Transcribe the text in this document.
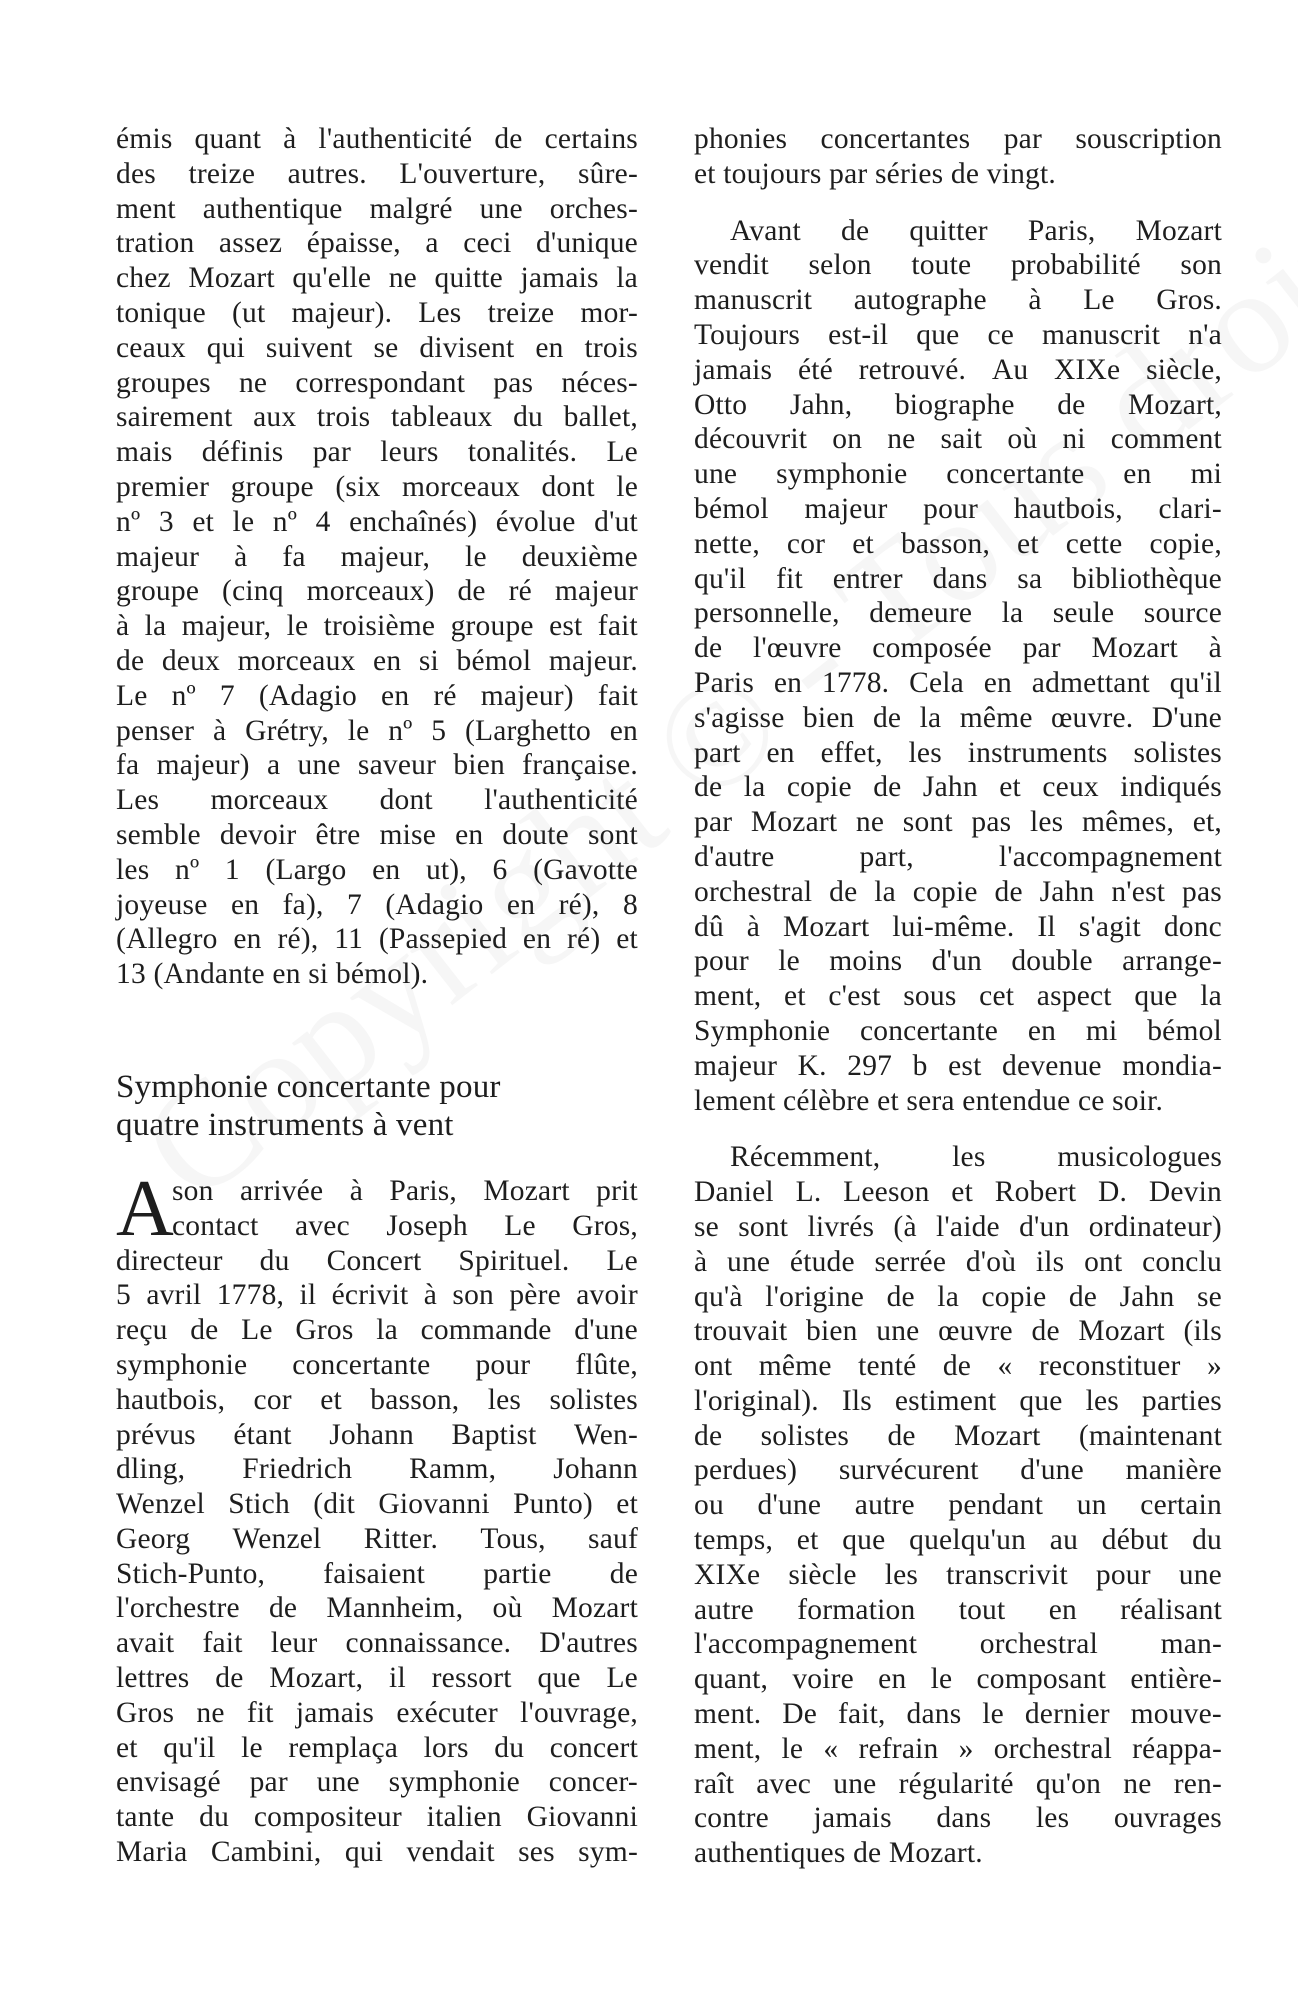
émis quant à l'authenticité de certains
des treize autres. L'ouverture, sûre-
ment authentique malgré une orches-
tration assez épaisse, a ceci d'unique
chez Mozart qu'elle ne quitte jamais la
tonique (ut majeur). Les treize mor-
ceaux qui suivent se divisent en trois
groupes ne correspondant pas néces-
sairement aux trois tableaux du ballet,
mais définis par leurs tonalités. Le
premier groupe (six morceaux dont le
nº 3 et le nº 4 enchaînés) évolue d'ut
majeur à fa majeur, le deuxième
groupe (cinq morceaux) de ré majeur
à la majeur, le troisième groupe est fait
de deux morceaux en si bémol majeur.
Le nº 7 (Adagio en ré majeur) fait
penser à Grétry, le nº 5 (Larghetto en
fa majeur) a une saveur bien française.
Les morceaux dont l'authenticité
semble devoir être mise en doute sont
les nº 1 (Largo en ut), 6 (Gavotte
joyeuse en fa), 7 (Adagio en ré), 8
(Allegro en ré), 11 (Passepied en ré) et
13 (Andante en si bémol).
Symphonie concertante pour
quatre instruments à vent
A
son arrivée à Paris, Mozart prit
contact avec Joseph Le Gros,
directeur du Concert Spirituel. Le
5 avril 1778, il écrivit à son père avoir
reçu de Le Gros la commande d'une
symphonie concertante pour flûte,
hautbois, cor et basson, les solistes
prévus étant Johann Baptist Wen-
dling, Friedrich Ramm, Johann
Wenzel Stich (dit Giovanni Punto) et
Georg Wenzel Ritter. Tous, sauf
Stich-Punto, faisaient partie de
l'orchestre de Mannheim, où Mozart
avait fait leur connaissance. D'autres
lettres de Mozart, il ressort que Le
Gros ne fit jamais exécuter l'ouvrage,
et qu'il le remplaça lors du concert
envisagé par une symphonie concer-
tante du compositeur italien Giovanni
Maria Cambini, qui vendait ses sym-
phonies concertantes par souscription
et toujours par séries de vingt.
Avant de quitter Paris, Mozart
vendit selon toute probabilité son
manuscrit autographe à Le Gros.
Toujours est-il que ce manuscrit n'a
jamais été retrouvé. Au XIXe siècle,
Otto Jahn, biographe de Mozart,
découvrit on ne sait où ni comment
une symphonie concertante en mi
bémol majeur pour hautbois, clari-
nette, cor et basson, et cette copie,
qu'il fit entrer dans sa bibliothèque
personnelle, demeure la seule source
de l'œuvre composée par Mozart à
Paris en 1778. Cela en admettant qu'il
s'agisse bien de la même œuvre. D'une
part en effet, les instruments solistes
de la copie de Jahn et ceux indiqués
par Mozart ne sont pas les mêmes, et,
d'autre	part,	l'accompagnement
orchestral de la copie de Jahn n'est pas
dû à Mozart lui-même. Il s'agit donc
pour le moins d'un double arrange-
ment, et c'est sous cet aspect que la
Symphonie concertante en mi bémol
majeur K. 297 b est devenue mondia-
lement célèbre et sera entendue ce soir.
Récemment, les musicologues
Daniel L. Leeson et Robert D. Devin
se sont livrés (à l'aide d'un ordinateur)
à une étude serrée d'où ils ont conclu
qu'à l'origine de la copie de Jahn se
trouvait bien une œuvre de Mozart (ils
ont même tenté de « reconstituer »
l'original). Ils estiment que les parties
de solistes de Mozart (maintenant
perdues) survécurent d'une manière
ou d'une autre pendant un certain
temps, et que quelqu'un au début du
XIXe siècle les transcrivit pour une
autre formation tout en réalisant
l'accompagnement orchestral man-
quant, voire en le composant entière-
ment. De fait, dans le dernier mouve-
ment, le « refrain » orchestral réappa-
raît avec une régularité qu'on ne ren-
contre jamais dans les ouvrages
authentiques de Mozart.
